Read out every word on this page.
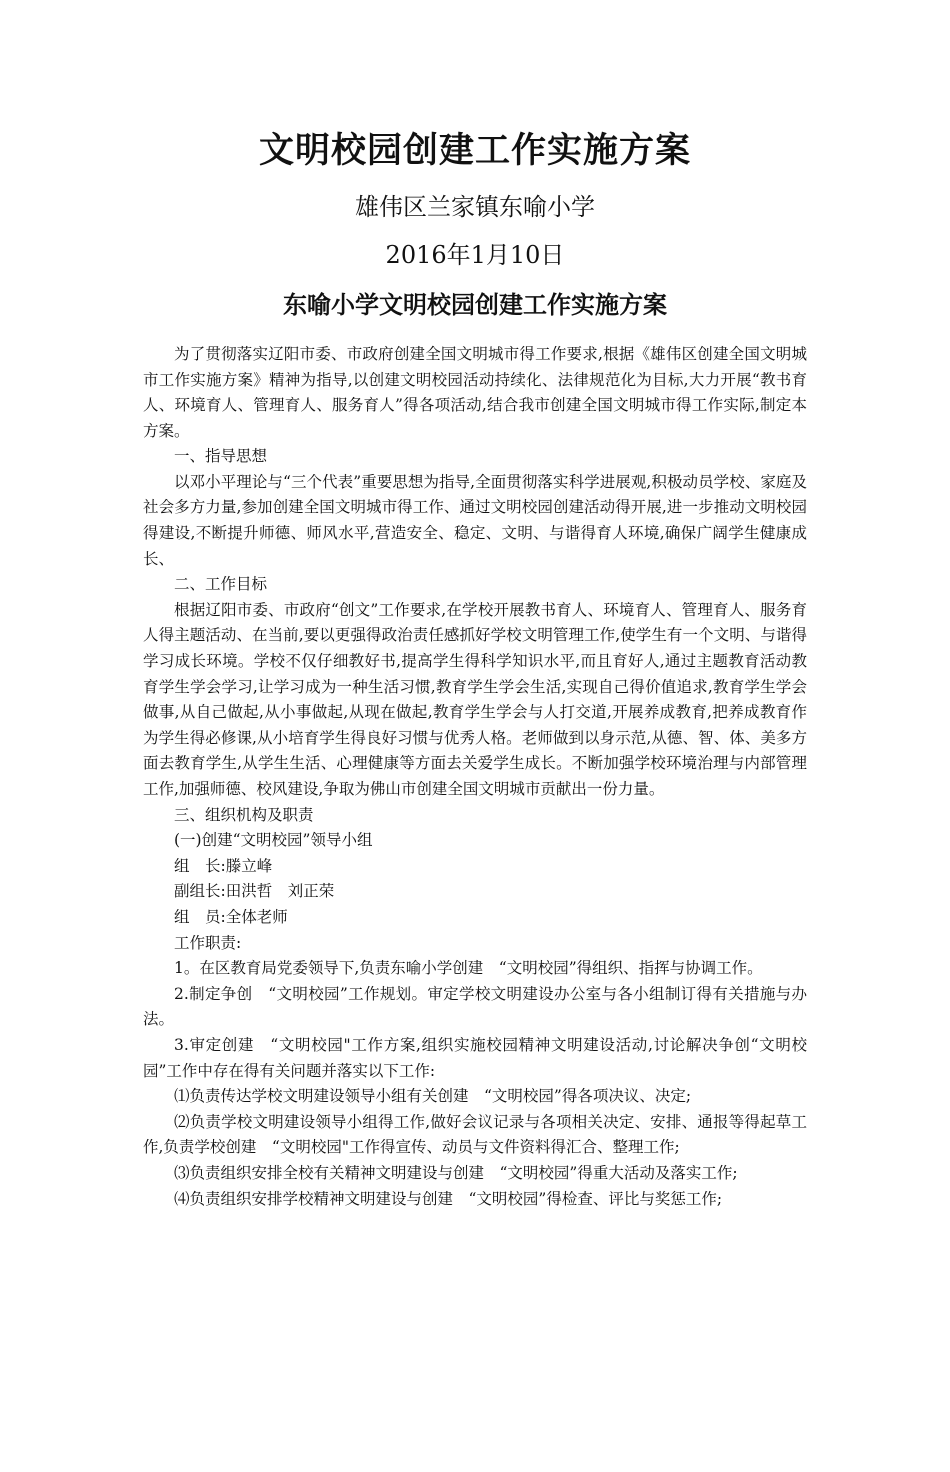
文明校园创建工作实施方案
雄伟区兰家镇东喻小学
2016年1月10日
东喻小学文明校园创建工作实施方案

为了贯彻落实辽阳市委、市政府创建全国文明城市得工作要求,根据《雄伟区创建全国文明城市工作实施方案》精神为指导,以创建文明校园活动持续化、法律规范化为目标,大力开展“教书育人、环境育人、管理育人、服务育人”得各项活动,结合我市创建全国文明城市得工作实际,制定本方案。

一、指导思想

以邓小平理论与“三个代表”重要思想为指导,全面贯彻落实科学进展观,积极动员学校、家庭及社会多方力量,参加创建全国文明城市得工作、通过文明校园创建活动得开展,进一步推动文明校园得建设,不断提升师德、师风水平,营造安全、稳定、文明、与谐得育人环境,确保广阔学生健康成长、

二、工作目标

根据辽阳市委、市政府“创文”工作要求,在学校开展教书育人、环境育人、管理育人、服务育人得主题活动、在当前,要以更强得政治责任感抓好学校文明管理工作,使学生有一个文明、与谐得学习成长环境。学校不仅仔细教好书,提高学生得科学知识水平,而且育好人,通过主题教育活动教育学生学会学习,让学习成为一种生活习惯,教育学生学会生活,实现自己得价值追求,教育学生学会做事,从自己做起,从小事做起,从现在做起,教育学生学会与人打交道,开展养成教育,把养成教育作为学生得必修课,从小培育学生得良好习惯与优秀人格。老师做到以身示范,从德、智、体、美多方面去教育学生,从学生生活、心理健康等方面去关爱学生成长。不断加强学校环境治理与内部管理工作,加强师德、校风建设,争取为佛山市创建全国文明城市贡献出一份力量。

三、组织机构及职责

(一)创建“文明校园”领导小组

组　长:滕立峰

副组长:田洪哲　刘正荣

组　员:全体老师

工作职责:

1。在区教育局党委领导下,负责东喻小学创建　“文明校园”得组织、指挥与协调工作。

2.制定争创　“文明校园”工作规划。审定学校文明建设办公室与各小组制订得有关措施与办法。

3.审定创建　“文明校园"工作方案,组织实施校园精神文明建设活动,讨论解决争创“文明校园”工作中存在得有关问题并落实以下工作:

⑴负责传达学校文明建设领导小组有关创建　“文明校园”得各项决议、决定;

⑵负责学校文明建设领导小组得工作,做好会议记录与各项相关决定、安排、通报等得起草工作,负责学校创建　“文明校园"工作得宣传、动员与文件资料得汇合、整理工作;

⑶负责组织安排全校有关精神文明建设与创建　“文明校园”得重大活动及落实工作;

⑷负责组织安排学校精神文明建设与创建　“文明校园”得检查、评比与奖惩工作;
